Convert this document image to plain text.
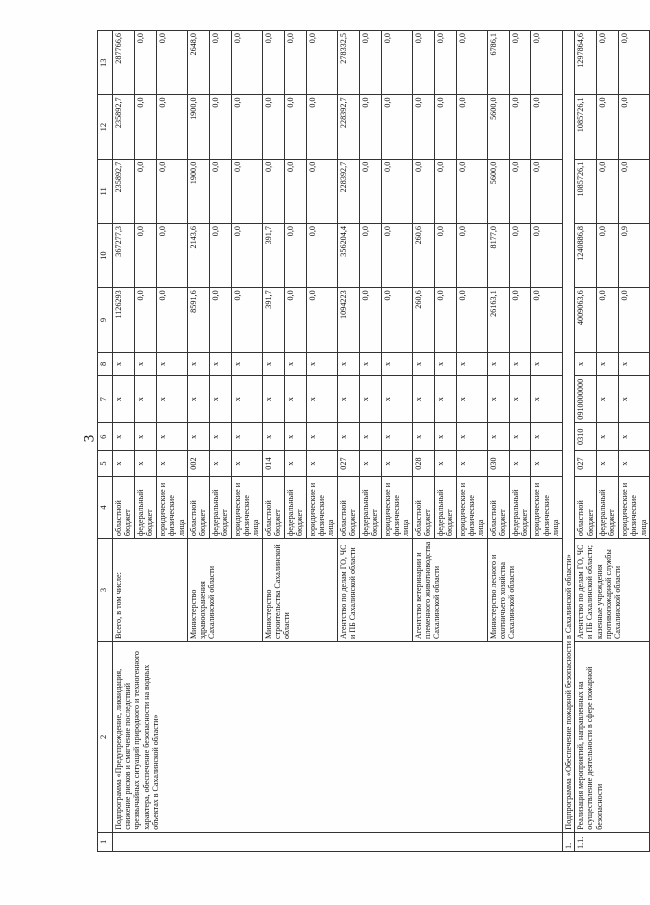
3
1	2	3	4	5	6	7	8	9	10	11	12	13
	Подпрограмма «Предупреждение, ликвидация, снижение рисков и смягчение последствий чрезвычайных ситуаций природного и техногенного характера, обеспечение безопасности на водных объектах в Сахалинской области»	Всего, в том числе:	областной бюджет	x	x	x	x	1126293	367277,3	235892,7	235892,7	287766,6
			федеральный бюджет	x	x	x	x	0,0	0,0	0,0	0,0	0,0
			юридические и физические лица	x	x	x	x	0,0	0,0	0,0	0,0	0,0
		Министерство здравоохранения Сахалинской области	областной бюджет	002	x	x	x	8591,6	2143,6	1900,0	1900,0	2648,0
			федеральный бюджет	x	x	x	x	0,0	0,0	0,0	0,0	0,0
			юридические и физические лица	x	x	x	x	0,0	0,0	0,0	0,0	0,0
		Министерство строительства Сахалинской области	областной бюджет	014	x	x	x	391,7	391,7	0,0	0,0	0,0
			федеральный бюджет	x	x	x	x	0,0	0,0	0,0	0,0	0,0
			юридические и физические лица	x	x	x	x	0,0	0,0	0,0	0,0	0,0
		Агентство по делам ГО, ЧС и ПБ Сахалинской области	областной бюджет	027	x	x	x	1094223	356204,4	228392,7	228392,7	278332,5
			федеральный бюджет	x	x	x	x	0,0	0,0	0,0	0,0	0,0
			юридические и физические лица	x	x	x	x	0,0	0,0	0,0	0,0	0,0
		Агентство ветеринарии и племенного животноводства Сахалинской области	областной бюджет	028	x	x	x	260,6	260,6	0,0	0,0	0,0
			федеральный бюджет	x	x	x	x	0,0	0,0	0,0	0,0	0,0
			юридические и физические лица	x	x	x	x	0,0	0,0	0,0	0,0	0,0
		Министерство лесного и охотничьего хозяйства Сахалинской области	областной бюджет	030	x	x	x	26163,1	8177,0	5600,0	5600,0	6786,1
			федеральный бюджет	x	x	x	x	0,0	0,0	0,0	0,0	0,0
			юридические и физические лица	x	x	x	x	0,0	0,0	0,0	0,0	0,0
1.	Подпрограмма «Обеспечение пожарной безопасности в Сахалинской области»											
1.1.	Реализация мероприятий, направленных на осуществление деятельности в сфере пожарной безопасности	Агентство по делам ГО, ЧС и ПБ Сахалинской области; казенные учреждения противопожарной службы Сахалинской области	областной бюджет	027	0310	0910000000	x	4009063,6	1240886,8	1085726,1	1085726,1	1297864,6
			федеральный бюджет	x	x	x	x	0,0	0,0	0,0	0,0	0,0
			юридические и физические лица	x	x	x	x	0,0	0,9	0,0	0,0	0,0
